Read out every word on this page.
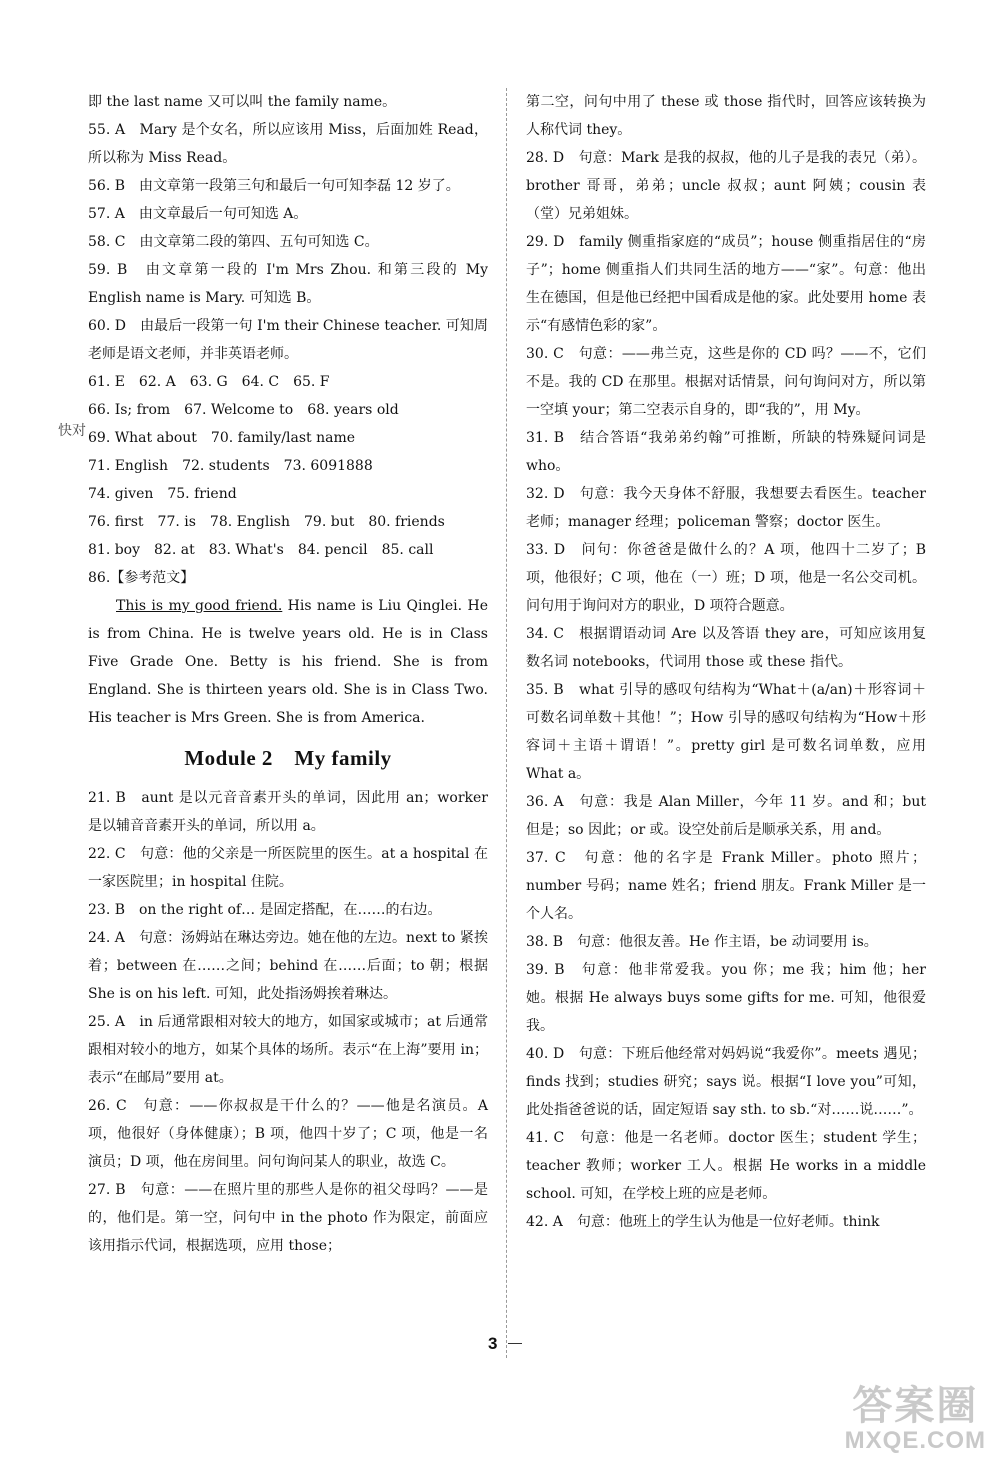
即 the last name 又可以叫 the family name。

55. A　Mary 是个女名，所以应该用 Miss，后面加姓 Read，所以称为 Miss Read。

56. B　由文章第一段第三句和最后一句可知李磊 12 岁了。

57. A　由文章最后一句可知选 A。

58. C　由文章第二段的第四、五句可知选 C。

59. B　由文章第一段的 I'm Mrs Zhou. 和第三段的 My English name is Mary. 可知选 B。

60. D　由最后一段第一句 I'm their Chinese teacher. 可知周老师是语文老师，并非英语老师。

61. E　62. A　63. G　64. C　65. F

66. Is; from　67. Welcome to　68. years old

69. What about　70. family/last name

71. English　72. students　73. 6091888

74. given　75. friend

76. first　77. is　78. English　79. but　80. friends

81. boy　82. at　83. What's　84. pencil　85. call

86.【参考范文】

This is my good friend. His name is Liu Qinglei. He is from China. He is twelve years old. He is in Class Five Grade One. Betty is his friend. She is from England. She is thirteen years old. She is in Class Two. His teacher is Mrs Green. She is from America.

Module 2　My family

21. B　aunt 是以元音音素开头的单词，因此用 an；worker 是以辅音音素开头的单词，所以用 a。

22. C　句意：他的父亲是一所医院里的医生。at a hospital 在一家医院里；in hospital 住院。

23. B　on the right of… 是固定搭配，在……的右边。

24. A　句意：汤姆站在琳达旁边。她在他的左边。next to 紧挨着；between 在……之间；behind 在……后面；to 朝；根据 She is on his left. 可知，此处指汤姆挨着琳达。

25. A　in 后通常跟相对较大的地方，如国家或城市；at 后通常跟相对较小的地方，如某个具体的场所。表示“在上海”要用 in；表示“在邮局”要用 at。

26. C　句意：——你叔叔是干什么的？——他是名演员。A 项，他很好（身体健康）；B 项，他四十岁了；C 项，他是一名演员；D 项，他在房间里。问句询问某人的职业，故选 C。

27. B　句意：——在照片里的那些人是你的祖父母吗？——是的，他们是。第一空，问句中 in the photo 作为限定，前面应该用指示代词，根据选项，应用 those；

第二空，问句中用了 these 或 those 指代时，回答应该转换为人称代词 they。

28. D　句意：Mark 是我的叔叔，他的儿子是我的表兄（弟）。brother 哥哥，弟弟；uncle 叔叔；aunt 阿姨；cousin 表（堂）兄弟姐妹。

29. D　family 侧重指家庭的“成员”；house 侧重指居住的“房子”；home 侧重指人们共同生活的地方——“家”。句意：他出生在德国，但是他已经把中国看成是他的家。此处要用 home 表示“有感情色彩的家”。

30. C　句意：——弗兰克，这些是你的 CD 吗？——不，它们不是。我的 CD 在那里。根据对话情景，问句询问对方，所以第一空填 your；第二空表示自身的，即“我的”，用 My。

31. B　结合答语“我弟弟约翰”可推断，所缺的特殊疑问词是 who。

32. D　句意：我今天身体不舒服，我想要去看医生。teacher 老师；manager 经理；policeman 警察；doctor 医生。

33. D　问句：你爸爸是做什么的？A 项，他四十二岁了；B 项，他很好；C 项，他在（一）班；D 项，他是一名公交司机。问句用于询问对方的职业，D 项符合题意。

34. C　根据谓语动词 Are 以及答语 they are，可知应该用复数名词 notebooks，代词用 those 或 these 指代。

35. B　what 引导的感叹句结构为“What＋(a/an)＋形容词＋可数名词单数＋其他！”；How 引导的感叹句结构为“How＋形容词＋主语＋谓语！”。pretty girl 是可数名词单数，应用 What a。

36. A　句意：我是 Alan Miller，今年 11 岁。and 和；but 但是；so 因此；or 或。设空处前后是顺承关系，用 and。

37. C　句意：他的名字是 Frank Miller。photo 照片；number 号码；name 姓名；friend 朋友。Frank Miller 是一个人名。

38. B　句意：他很友善。He 作主语，be 动词要用 is。

39. B　句意：他非常爱我。you 你；me 我；him 他；her 她。根据 He always buys some gifts for me. 可知，他很爱我。

40. D　句意：下班后他经常对妈妈说“我爱你”。meets 遇见；finds 找到；studies 研究；says 说。根据“I love you”可知，此处指爸爸说的话，固定短语 say sth. to sb.“对……说……”。

41. C　句意：他是一名老师。doctor 医生；student 学生；teacher 教师；worker 工人。根据 He works in a middle school. 可知，在学校上班的应是老师。

42. A　句意：他班上的学生认为他是一位好老师。think

快对
3
答案圈
MXQE.COM
